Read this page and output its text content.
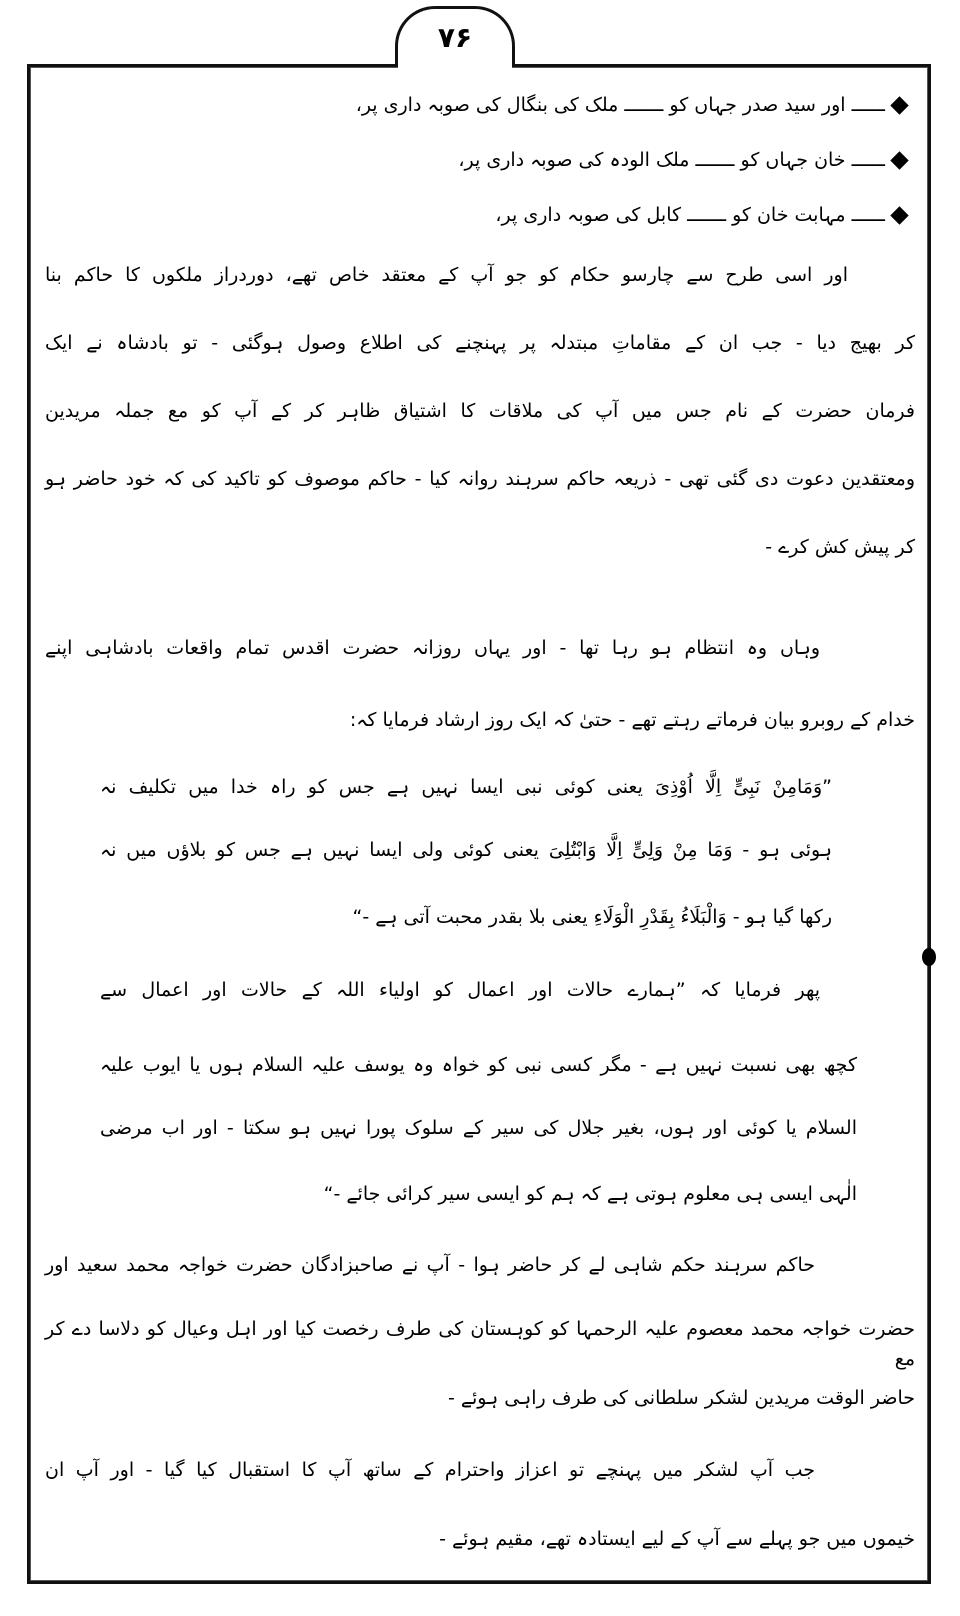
۷۶
ــــــ اور سید صدر جہاں کو ـــــــ ملک کی بنگال کی صوبہ داری پر،
ــــــ خان جہاں کو ـــــــ ملک الودہ کی صوبہ داری پر،
ــــــ مہابت خان کو ـــــــ کابل کی صوبہ داری پر،
اور اسی طرح سے چارسو حکام کو جو آپ کے معتقد خاص تھے، دوردراز ملکوں کا حاکم بنا
کر بھیج دیا - جب ان کے مقاماتِ مبتدلہ پر پہنچنے کی اطلاع وصول ہوگئی - تو بادشاہ نے ایک
فرمان حضرت کے نام جس میں آپ کی ملاقات کا اشتیاق ظاہر کر کے آپ کو مع جملہ مریدین
ومعتقدین دعوت دی گئی تھی - ذریعہ حاکم سرہند روانہ کیا - حاکم موصوف کو تاکید کی کہ خود حاضر ہو
کر پیش کش کرے -
وہاں وہ انتظام ہو رہا تھا - اور یہاں روزانہ حضرت اقدس تمام واقعات بادشاہی اپنے
خدام کے روبرو بیان فرماتے رہتے تھے - حتیٰ کہ ایک روز ارشاد فرمایا کہ:
”وَمَامِنْ نَبِیٍّ اِلَّا اُوْذِیَ یعنی کوئی نبی ایسا نہیں ہے جس کو راہ خدا میں تکلیف نہ
ہوئی ہو - وَمَا مِنْ وَلِیٍّ اِلَّا وَابْتُلِیَ یعنی کوئی ولی ایسا نہیں ہے جس کو بلاؤں میں نہ
رکھا گیا ہو - وَالْبَلَاءُ بِقَدْرِ الْوَلَاءِ یعنی بلا بقدر محبت آتی ہے -“
پھر فرمایا کہ ”ہمارے حالات اور اعمال کو اولیاء اللہ کے حالات اور اعمال سے
کچھ بھی نسبت نہیں ہے - مگر کسی نبی کو خواہ وہ یوسف علیہ السلام ہوں یا ایوب علیہ
السلام یا کوئی اور ہوں، بغیر جلال کی سیر کے سلوک پورا نہیں ہو سکتا - اور اب مرضی
الٰہی ایسی ہی معلوم ہوتی ہے کہ ہم کو ایسی سیر کرائی جائے -“
حاکم سرہند حکم شاہی لے کر حاضر ہوا - آپ نے صاحبزادگان حضرت خواجہ محمد سعید اور
حضرت خواجہ محمد معصوم علیہ الرحمہا کو کوہستان کی طرف رخصت کیا اور اہل وعیال کو دلاسا دے کر مع
حاضر الوقت مریدین لشکر سلطانی کی طرف راہی ہوئے -
جب آپ لشکر میں پہنچے تو اعزاز واحترام کے ساتھ آپ کا استقبال کیا گیا - اور آپ ان
خیموں میں جو پہلے سے آپ کے لیے ایستادہ تھے، مقیم ہوئے -
